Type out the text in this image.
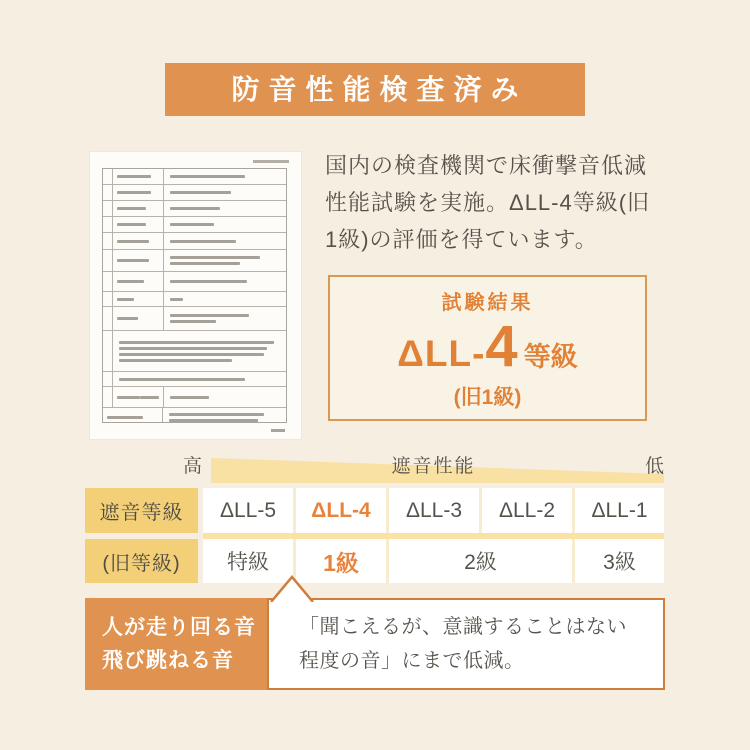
防音性能検査済み
国内の検査機関で床衝撃音低減
性能試験を実施。ΔLL-4等級(旧
1級)の評価を得ています。
試験結果
ΔLL-4 等級
(旧1級)
高	遮音性能	低
遮音等級	ΔLL-5	ΔLL-4	ΔLL-3	ΔLL-2	ΔLL-1
(旧等級)	特級	1級	2級	3級
人が走り回る音
飛び跳ねる音
「聞こえるが、意識することはない
程度の音」にまで低減。
